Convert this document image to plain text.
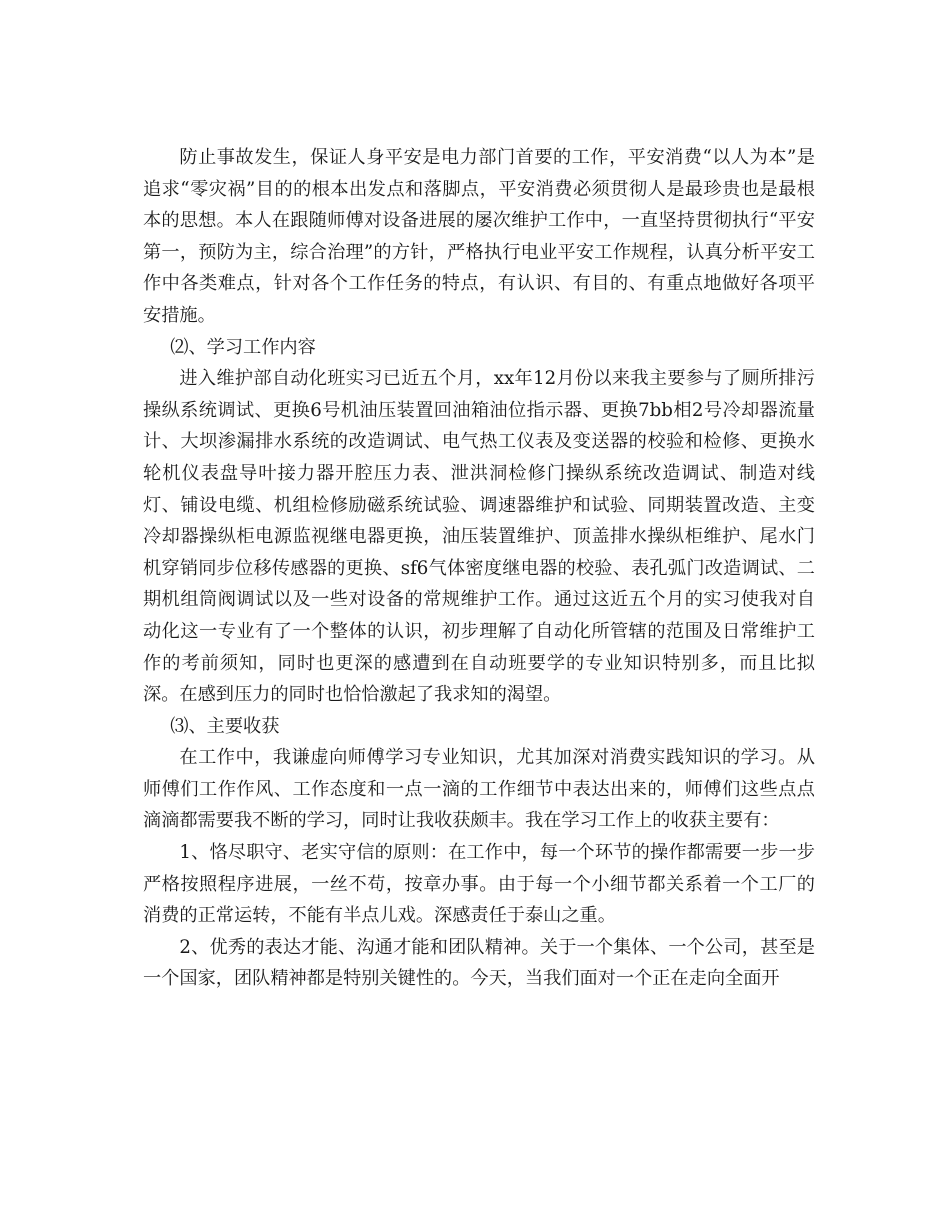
防止事故发生，保证人身平安是电力部门首要的工作，平安消费“以人为本”是追求“零灾祸”目的的根本出发点和落脚点，平安消费必须贯彻人是最珍贵也是最根本的思想。本人在跟随师傅对设备进展的屡次维护工作中，一直坚持贯彻执行“平安第一，预防为主，综合治理”的方针，严格执行电业平安工作规程，认真分析平安工作中各类难点，针对各个工作任务的特点，有认识、有目的、有重点地做好各项平安措施。

⑵、学习工作内容

进入维护部自动化班实习已近五个月，xx年12月份以来我主要参与了厕所排污操纵系统调试、更换6号机油压装置回油箱油位指示器、更换7bb相2号冷却器流量计、大坝渗漏排水系统的改造调试、电气热工仪表及变送器的校验和检修、更换水轮机仪表盘导叶接力器开腔压力表、泄洪洞检修门操纵系统改造调试、制造对线灯、铺设电缆、机组检修励磁系统试验、调速器维护和试验、同期装置改造、主变冷却器操纵柜电源监视继电器更换，油压装置维护、顶盖排水操纵柜维护、尾水门机穿销同步位移传感器的更换、sf6气体密度继电器的校验、表孔弧门改造调试、二期机组筒阀调试以及一些对设备的常规维护工作。通过这近五个月的实习使我对自动化这一专业有了一个整体的认识，初步理解了自动化所管辖的范围及日常维护工作的考前须知，同时也更深的感遭到在自动班要学的专业知识特别多，而且比拟深。在感到压力的同时也恰恰激起了我求知的渴望。

⑶、主要收获

在工作中，我谦虚向师傅学习专业知识，尤其加深对消费实践知识的学习。从师傅们工作作风、工作态度和一点一滴的工作细节中表达出来的，师傅们这些点点滴滴都需要我不断的学习，同时让我收获颇丰。我在学习工作上的收获主要有：

1、恪尽职守、老实守信的原则：在工作中，每一个环节的操作都需要一步一步严格按照程序进展，一丝不苟，按章办事。由于每一个小细节都关系着一个工厂的消费的正常运转，不能有半点儿戏。深感责任于泰山之重。

2、优秀的表达才能、沟通才能和团队精神。关于一个集体、一个公司，甚至是一个国家，团队精神都是特别关键性的。今天，当我们面对一个正在走向全面开
